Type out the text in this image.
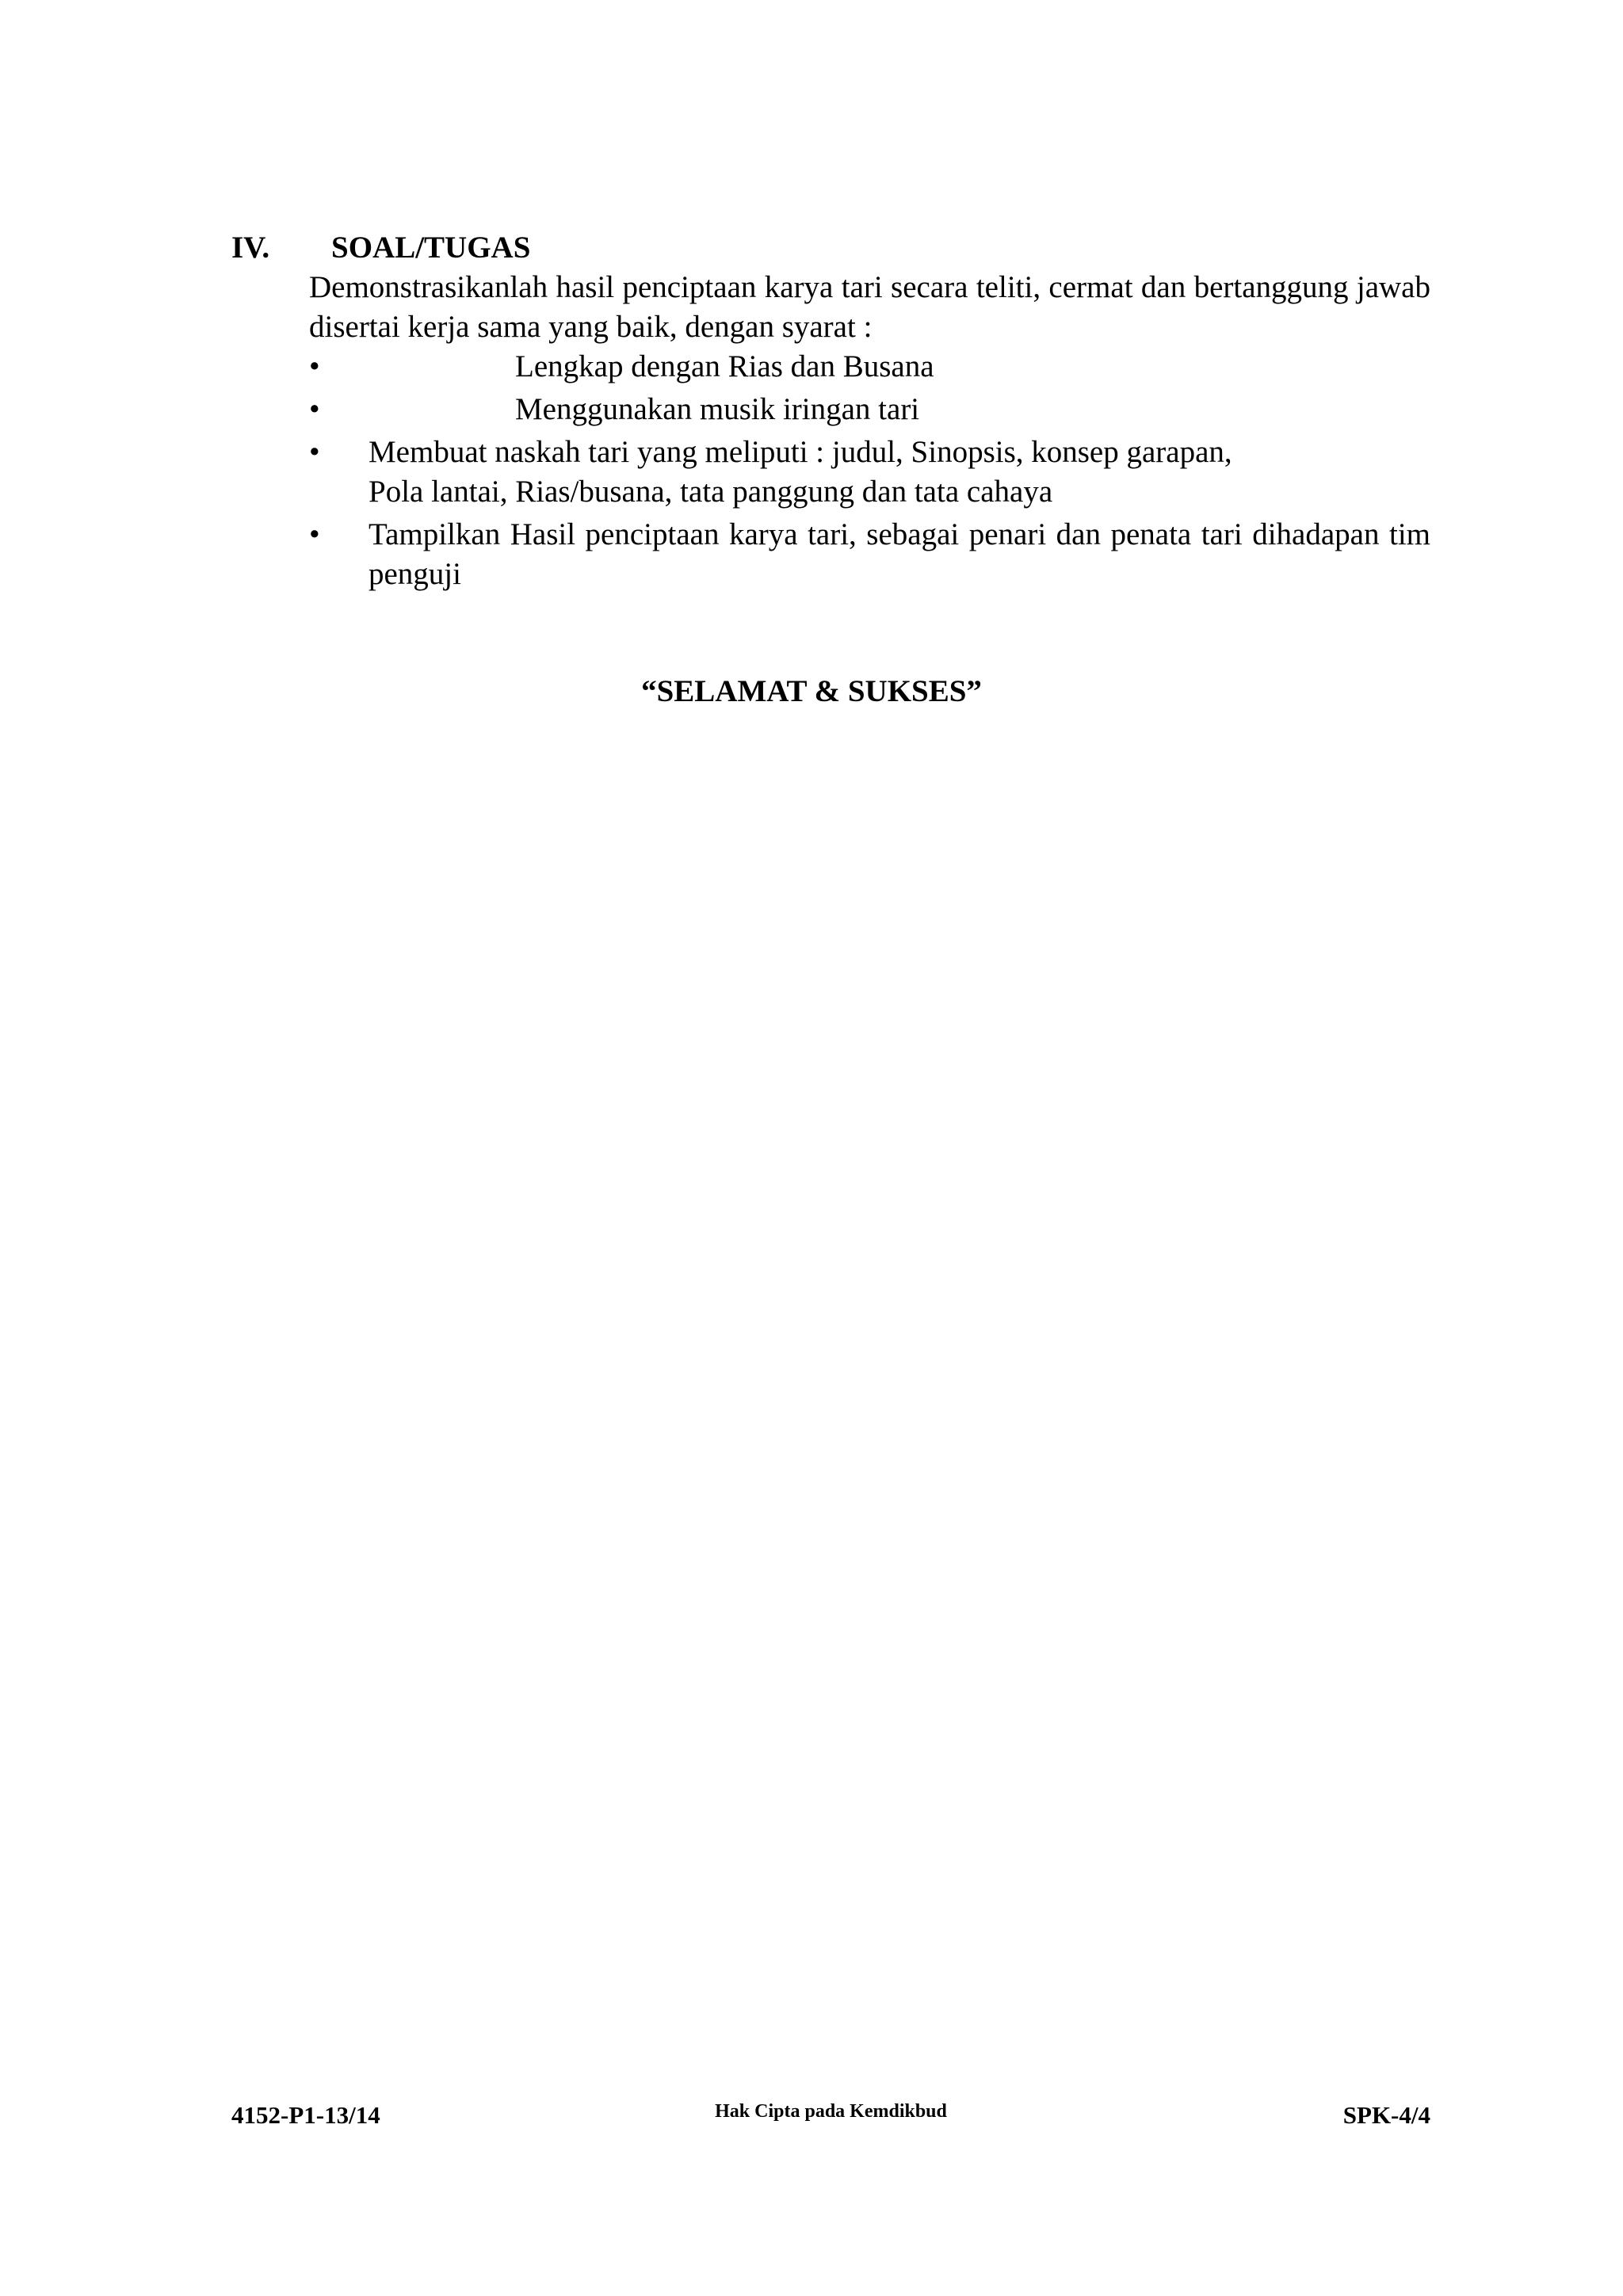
IV. SOAL/TUGAS

Demonstrasikanlah hasil penciptaan karya tari secara teliti, cermat dan bertanggung jawab disertai kerja sama yang baik, dengan syarat :

•	Lengkap dengan Rias dan Busana
•	Menggunakan musik iringan tari
•	Membuat naskah tari yang meliputi : judul, Sinopsis, konsep garapan,
Pola lantai, Rias/busana, tata panggung dan tata cahaya
•	Tampilkan Hasil penciptaan karya tari, sebagai penari dan penata tari dihadapan tim penguji
“SELAMAT & SUKSES”
4152-P1-13/14	Hak Cipta pada Kemdikbud	SPK-4/4
